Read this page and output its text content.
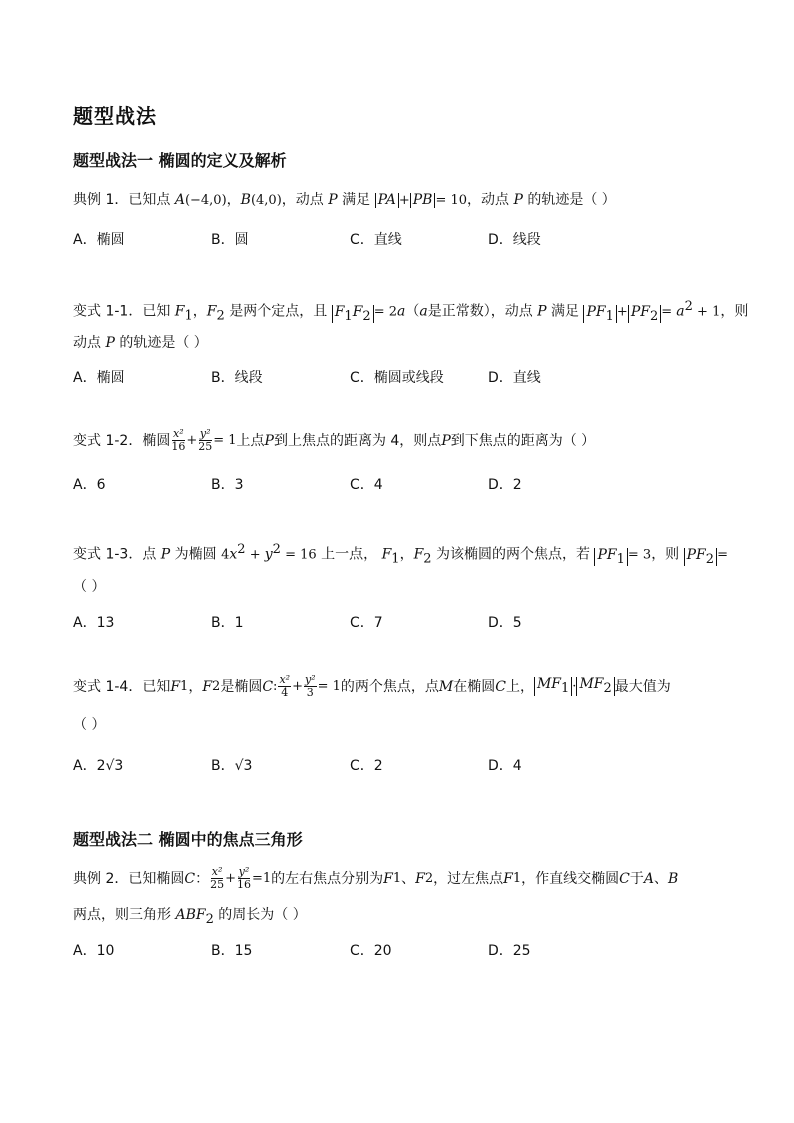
题型战法
题型战法一 椭圆的定义及解析
典例 1．已知点 A(−4,0)，B(4,0)，动点 P 满足 PA + PB = 10，动点 P 的轨迹是（ ）
A．椭圆	B．圆	C．直线	D．线段
变式 1-1．已知 $F_1$，$F_2$ 是两个定点，且 $F_1F_2 = 2a(a$是正常数），动点 P 满足 $PF_1 + PF_2 = a^2 + 1$，则
动点 P 的轨迹是（ ）
A．椭圆	B．线段	C．椭圆或线段	D．直线
变式 1-2．椭圆 $\frac{\text{x²}}{16} + \frac{\text{y²}}{25} = 1$ 上点 P 到上焦点的距离为 4，则点 P 到下焦点的距离为（ ）
A．6	B．3	C．4	D．2
变式 1-3．点 P 为椭圆 $4x^2 + y^2 = 16$ 上一点， $F_1$，$F_2$ 为该椭圆的两个焦点，若 $PF_1 = 3$，则 $PF_2$ =
（ ）
A．13	B．1	C．7	D．5
变式 1-4．已知 F 1 ， F 2 是椭圆 C : $\frac{\text{x²}}{4} + \frac{\text{y²}}{3} = 1$ 的两个焦点，点 M 在椭圆 C 上， $MF_1 \cdot MF_2$ 最大值为
（ ）
A．2√3	B．√3	C．2	D．4
题型战法二 椭圆中的焦点三角形
典例 2．已知椭圆 C ： $\frac{\text{x²}}{25} + \frac{\text{y²}}{16} =1$ 的左右焦点分别为 F 1 、 F 2 ，过左焦点 F 1 ，作直线交椭圆 C 于 A 、 B
两点，则三角形 $ABF_2$ 的周长为（ ）
A．10	B．15	C．20	D．25
